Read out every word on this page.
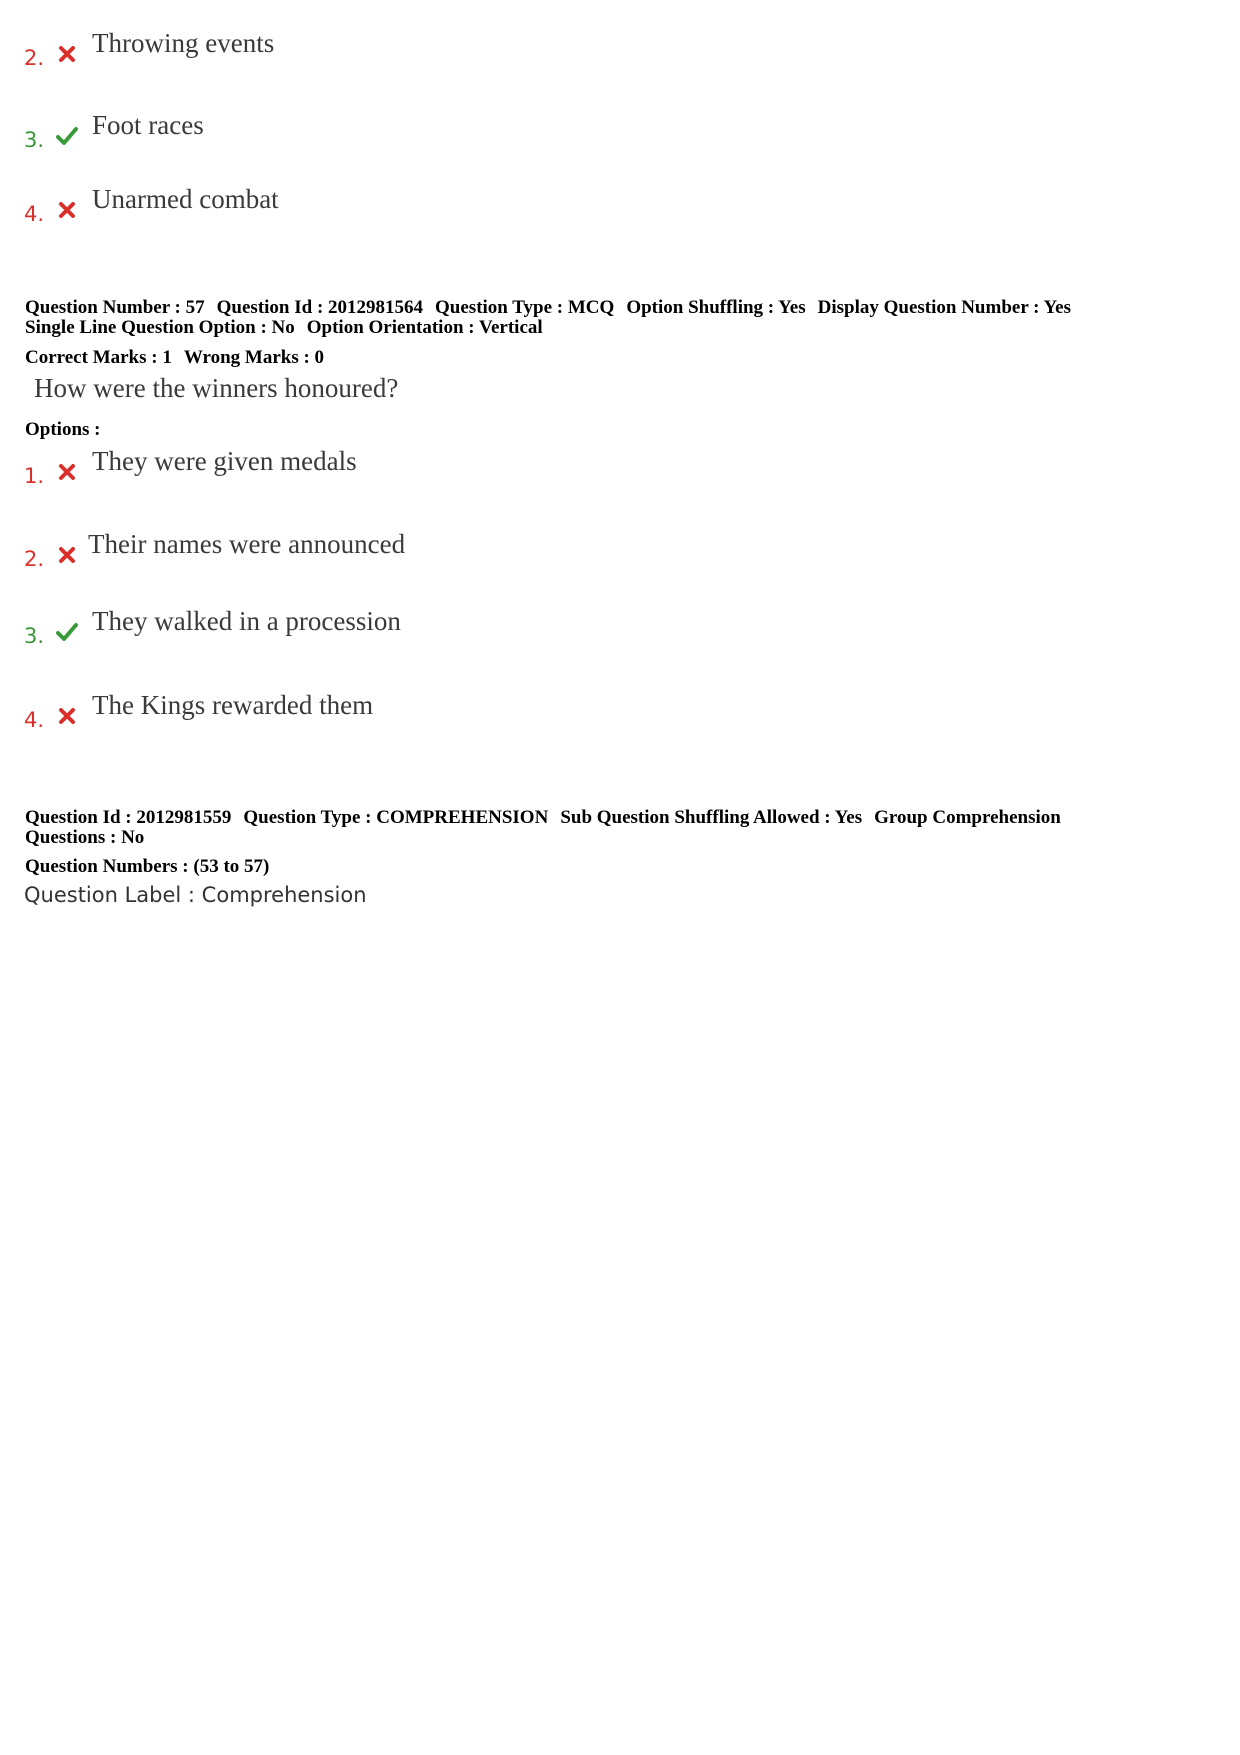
2. Throwing events
3. Foot races
4. Unarmed combat
Question Number : 57 Question Id : 2012981564 Question Type : MCQ Option Shuffling : Yes Display Question Number : Yes
Single Line Question Option : No Option Orientation : Vertical
Correct Marks : 1 Wrong Marks : 0
How were the winners honoured?
Options :
1. They were given medals
2. Their names were announced
3. They walked in a procession
4. The Kings rewarded them
Question Id : 2012981559 Question Type : COMPREHENSION Sub Question Shuffling Allowed : Yes Group Comprehension
Questions : No
Question Numbers : (53 to 57)
Question Label : Comprehension
